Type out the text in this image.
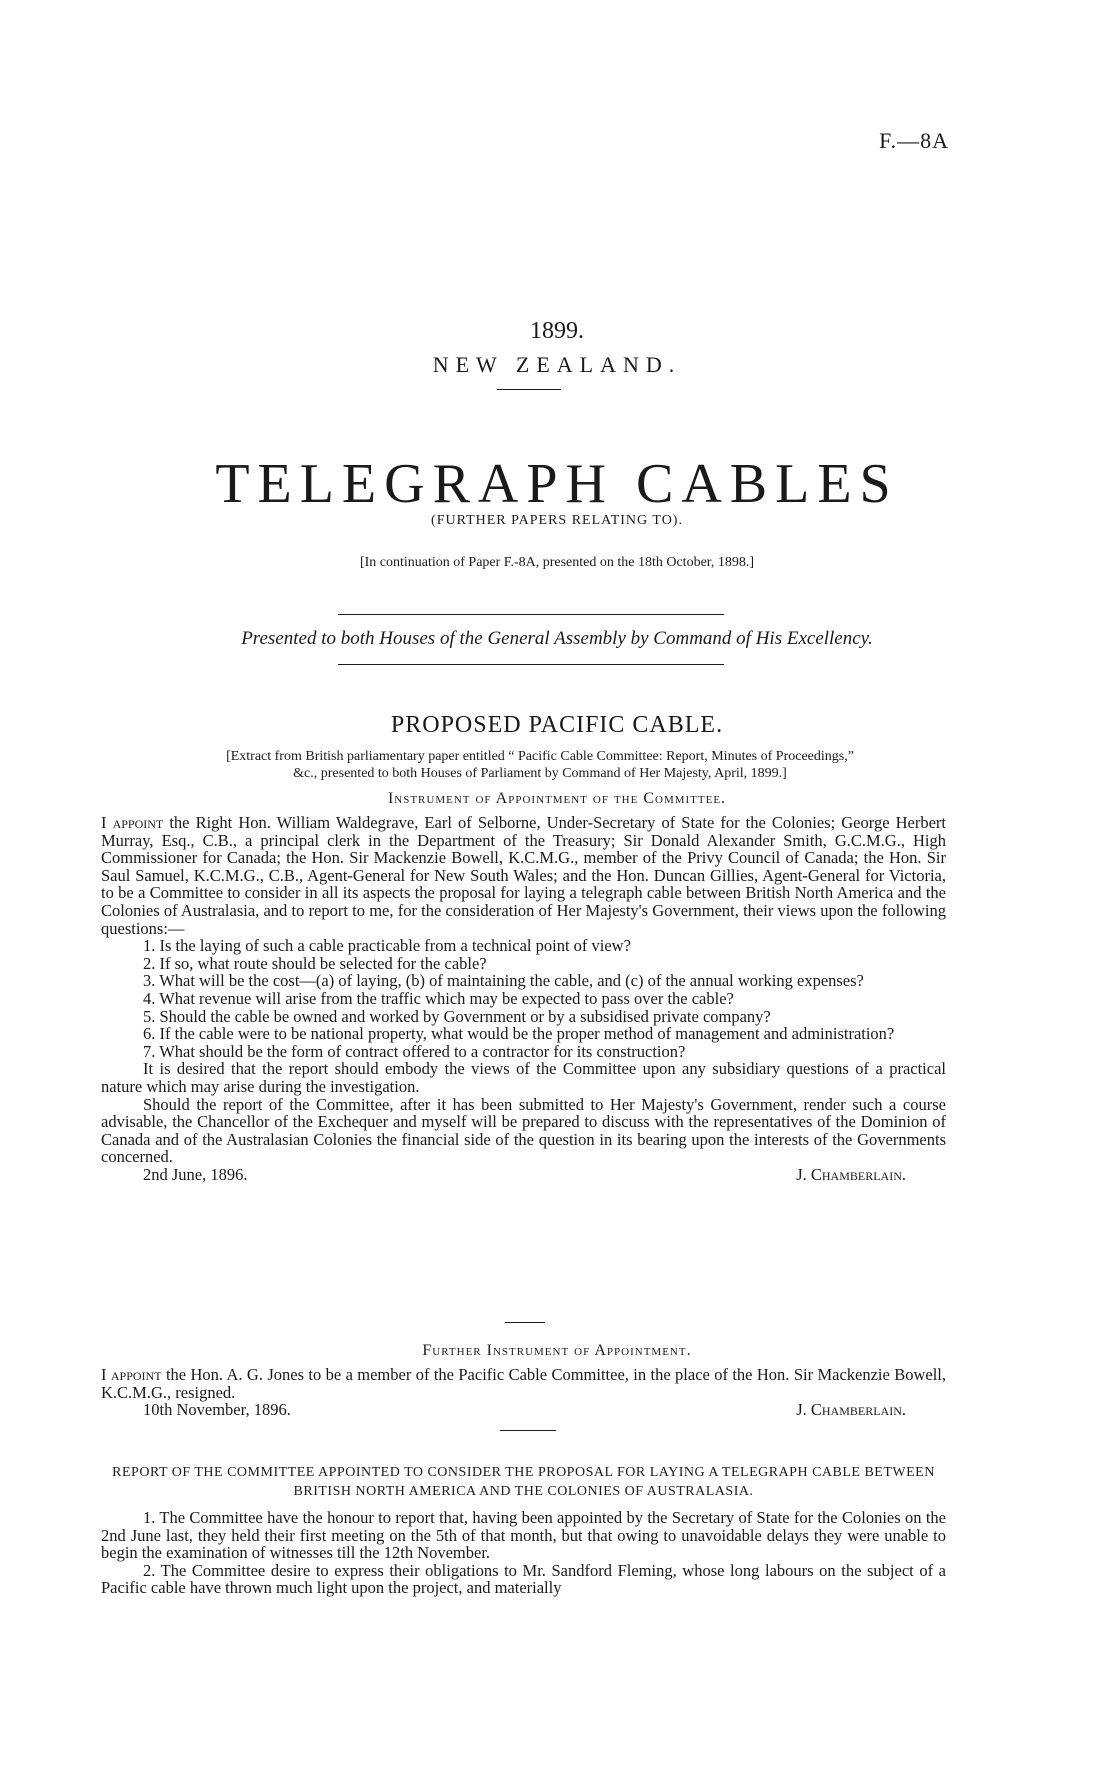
F.—8A
1899.
NEW ZEALAND.
TELEGRAPH CABLES
(FURTHER PAPERS RELATING TO).
[In continuation of Paper F.-8A, presented on the 18th October, 1898.]
Presented to both Houses of the General Assembly by Command of His Excellency.
PROPOSED PACIFIC CABLE.
[Extract from British parliamentary paper entitled “ Pacific Cable Committee: Report, Minutes of Proceedings,”
&c., presented to both Houses of Parliament by Command of Her Majesty, April, 1899.]
Instrument of Appointment of the Committee.

I appoint the Right Hon. William Waldegrave, Earl of Selborne, Under-Secretary of State for the Colonies; George Herbert Murray, Esq., C.B., a principal clerk in the Department of the Treasury; Sir Donald Alexander Smith, G.C.M.G., High Commissioner for Canada; the Hon. Sir Mackenzie Bowell, K.C.M.G., member of the Privy Council of Canada; the Hon. Sir Saul Samuel, K.C.M.G., C.B., Agent-General for New South Wales; and the Hon. Duncan Gillies, Agent-General for Victoria, to be a Committee to consider in all its aspects the proposal for laying a telegraph cable between British North America and the Colonies of Australasia, and to report to me, for the consideration of Her Majesty's Government, their views upon the following questions:—

1. Is the laying of such a cable practicable from a technical point of view?

2. If so, what route should be selected for the cable?

3. What will be the cost—(a) of laying, (b) of maintaining the cable, and (c) of the annual working expenses?

4. What revenue will arise from the traffic which may be expected to pass over the cable?

5. Should the cable be owned and worked by Government or by a subsidised private company?

6. If the cable were to be national property, what would be the proper method of management and administration?

7. What should be the form of contract offered to a contractor for its construction?

It is desired that the report should embody the views of the Committee upon any subsidiary questions of a practical nature which may arise during the investigation.

Should the report of the Committee, after it has been submitted to Her Majesty's Government, render such a course advisable, the Chancellor of the Exchequer and myself will be prepared to discuss with the representatives of the Dominion of Canada and of the Australasian Colonies the financial side of the question in its bearing upon the interests of the Governments concerned.

2nd June, 1896.	J. Chamberlain.
Further Instrument of Appointment.

I appoint the Hon. A. G. Jones to be a member of the Pacific Cable Committee, in the place of the Hon. Sir Mackenzie Bowell, K.C.M.G., resigned.

10th November, 1896.	J. Chamberlain.
REPORT OF THE COMMITTEE APPOINTED TO CONSIDER THE PROPOSAL FOR LAYING A TELEGRAPH CABLE BETWEEN BRITISH NORTH AMERICA AND THE COLONIES OF AUSTRALASIA.

1. The Committee have the honour to report that, having been appointed by the Secretary of State for the Colonies on the 2nd June last, they held their first meeting on the 5th of that month, but that owing to unavoidable delays they were unable to begin the examination of witnesses till the 12th November.

2. The Committee desire to express their obligations to Mr. Sandford Fleming, whose long labours on the subject of a Pacific cable have thrown much light upon the project, and materially
